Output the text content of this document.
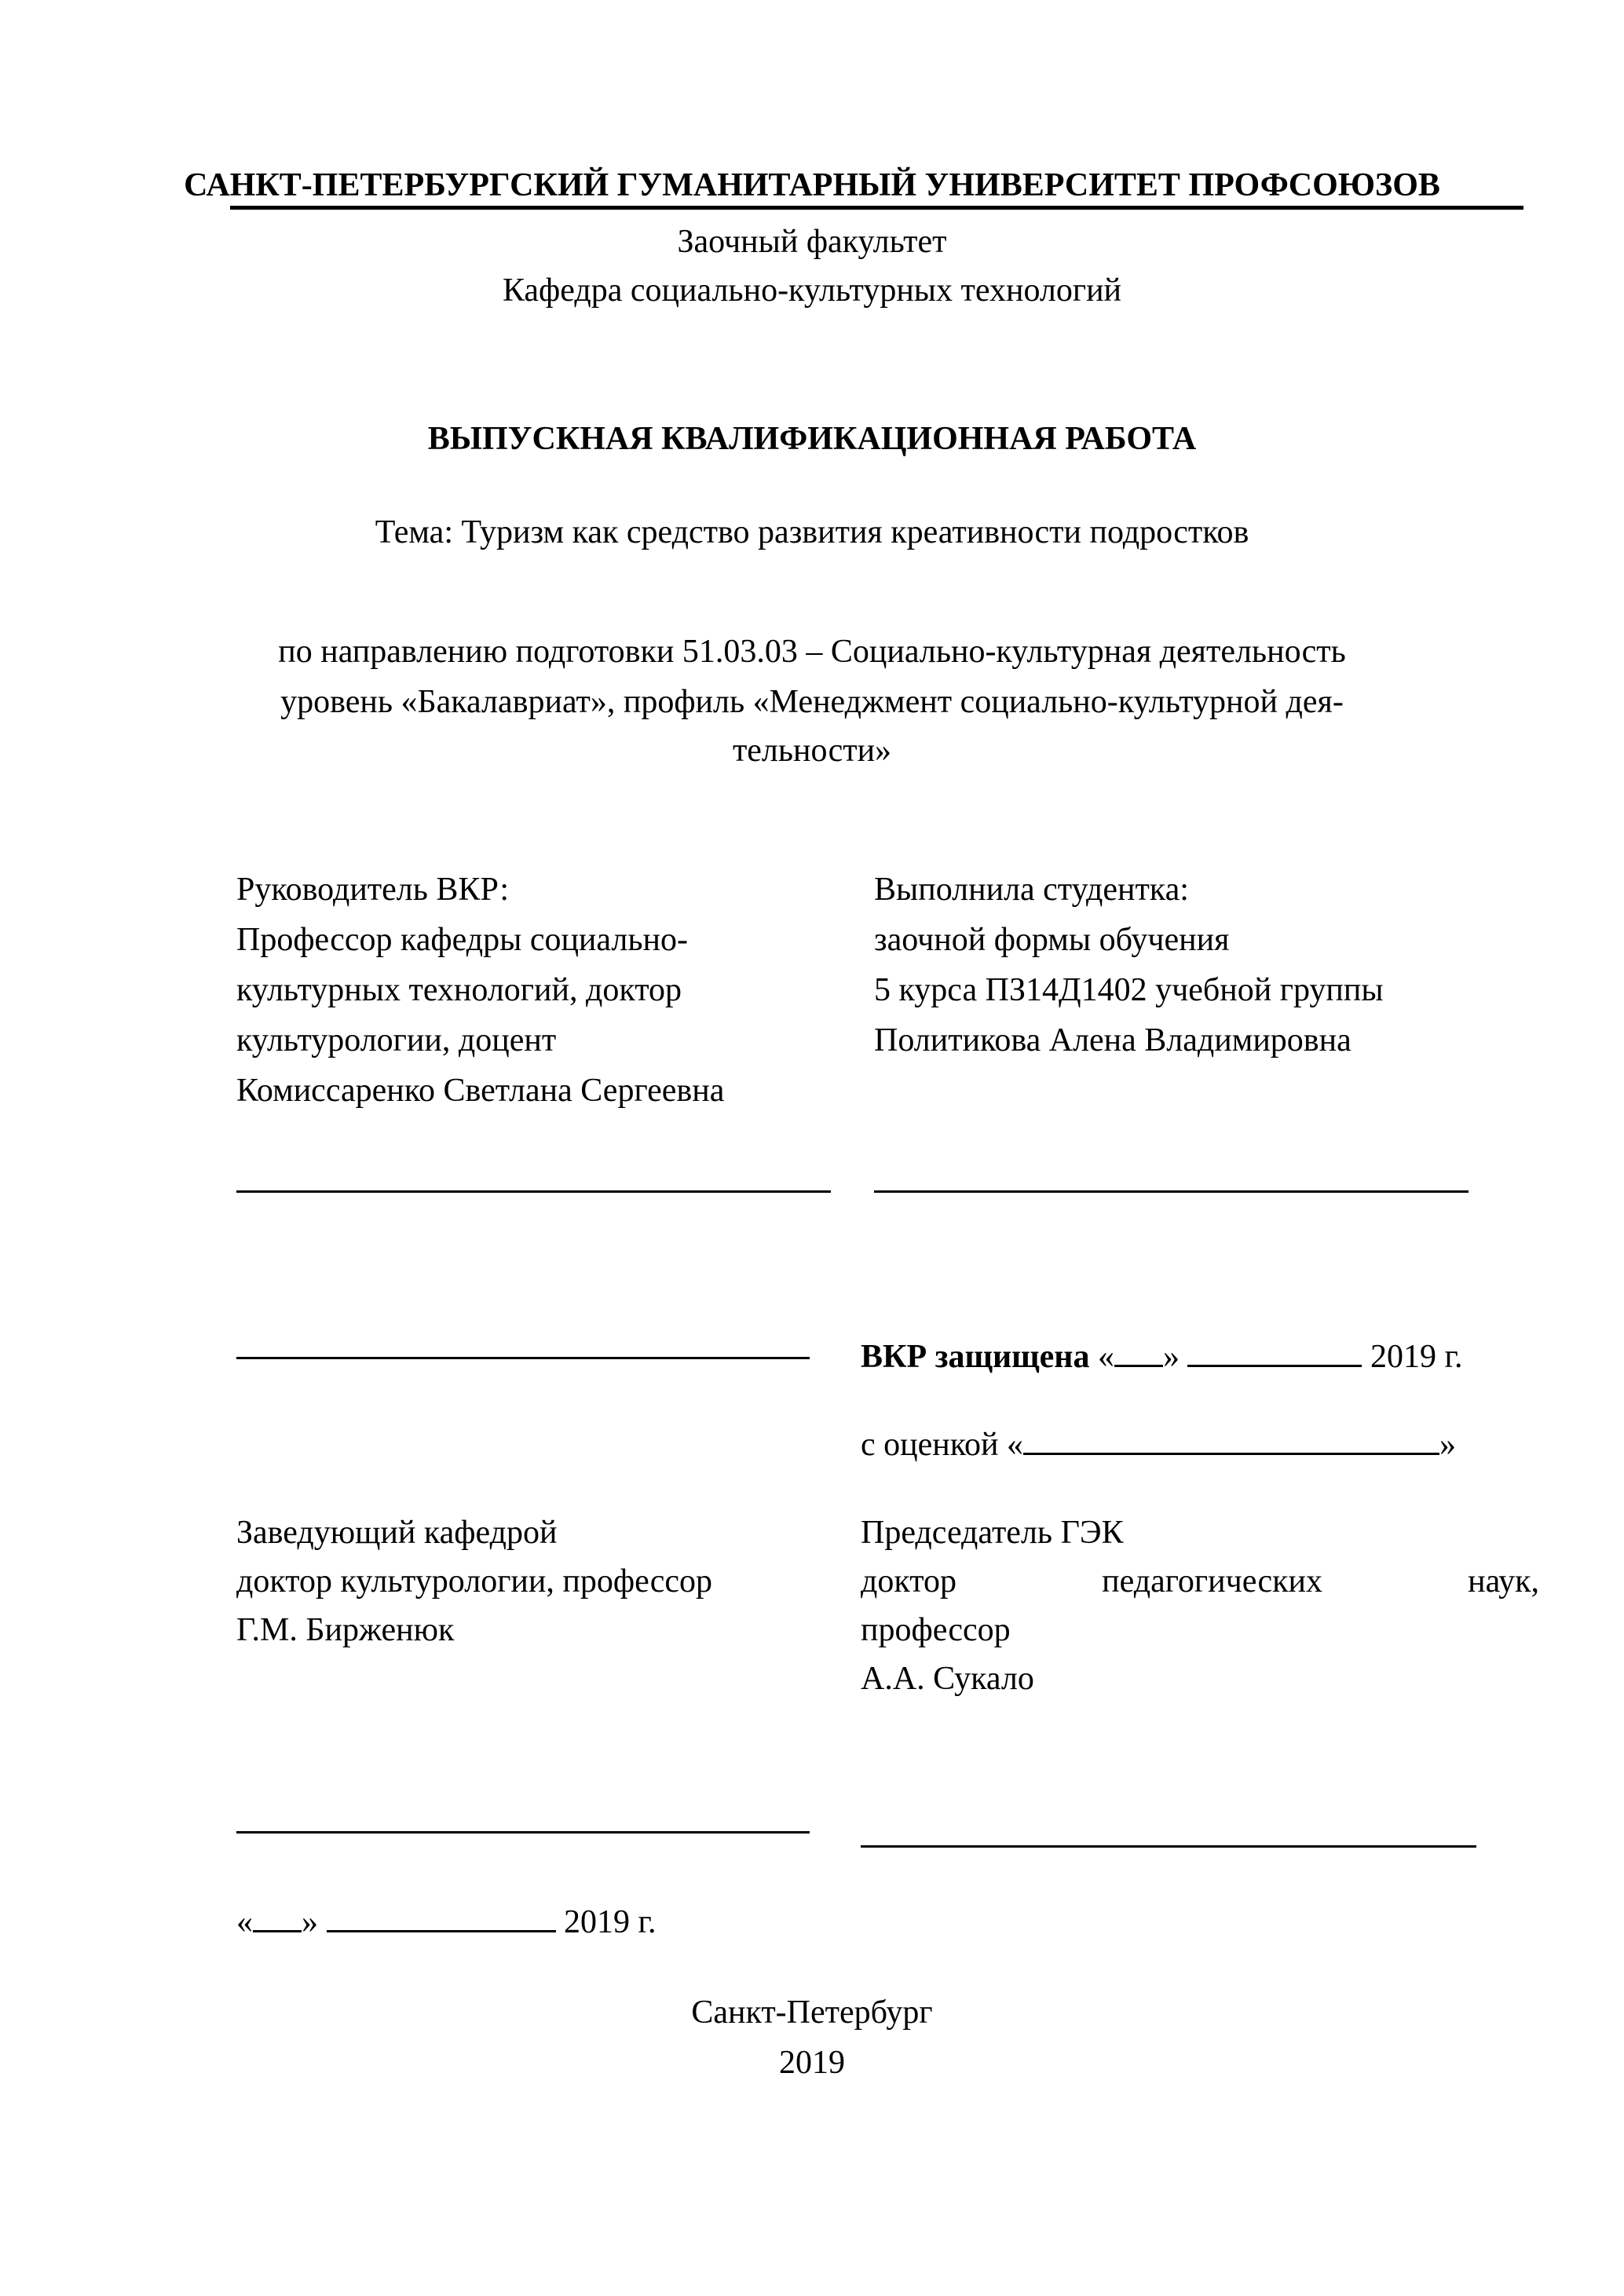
САНКТ-ПЕТЕРБУРГСКИЙ ГУМАНИТАРНЫЙ УНИВЕРСИТЕТ ПРОФСОЮЗОВ
Заочный факультет
Кафедра социально-культурных технологий
ВЫПУСКНАЯ КВАЛИФИКАЦИОННАЯ РАБОТА
Тема: Туризм как средство развития креативности подростков
по направлению подготовки 51.03.03 – Социально-культурная деятельность
уровень «Бакалавриат», профиль «Менеджмент социально-культурной дея-
тельности»
Руководитель ВКР:
Профессор кафедры социально-
культурных технологий, доктор
культурологии, доцент
Комиссаренко Светлана Сергеевна
Выполнила студентка:
заочной формы обучения
5 курса ПЗ14Д1402 учебной группы
Политикова Алена Владимировна
ВКР защищена « »	2019 г.
с оценкой «	»
Заведующий кафедрой
доктор культурологии, профессор
Г.М. Бирженюк
Председатель ГЭК
доктор	педагогических	наук,
профессор
А.А. Сукало
« »	2019 г.
Санкт-Петербург
2019
